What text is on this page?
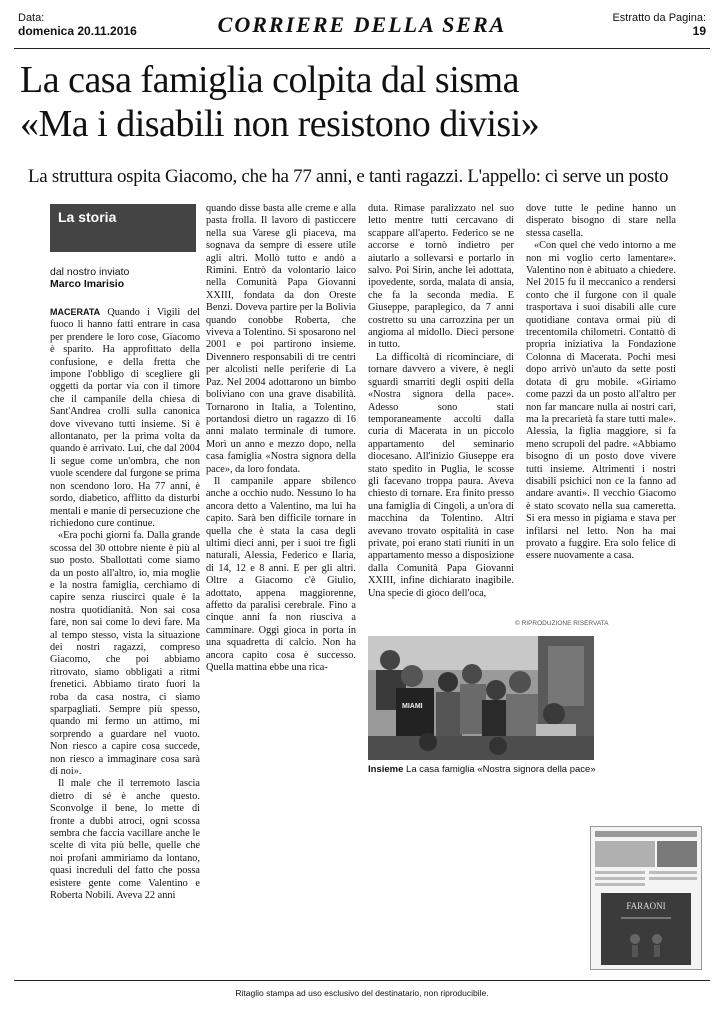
Data:
domenica 20.11.2016	CORRIERE DELLA SERA	Estratto da Pagina:
19
La casa famiglia colpita dal sisma
«Ma i disabili non resistono divisi»
La struttura ospita Giacomo, che ha 77 anni, e tanti ragazzi. L'appello: ci serve un posto
La storia
dal nostro inviato
Marco Imarisio

MACERATA Quando i Vigili del fuoco li hanno fatti entrare in casa per prendere le loro cose, Giacomo è sparito. Ha approfittato della confusione, e della fretta che impone l'obbligo di scegliere gli oggetti da portar via con il timore che il campanile della chiesa di Sant'Andrea crolli sulla canonica dove vivevano tutti insieme. Si è allontanato, per la prima volta da quando è arrivato. Lui, che dal 2004 li segue come un'ombra, che non vuole scendere dal furgone se prima non scendono loro. Ha 77 anni, è sordo, diabetico, afflitto da disturbi mentali e manie di persecuzione che richiedono cure continue.

«Era pochi giorni fa. Dalla grande scossa del 30 ottobre niente è più al suo posto. Sballottati come siamo da un posto all'altro, io, mia moglie e la nostra famiglia, cerchiamo di capire senza riuscirci quale è la nostra quotidianità. Non sai cosa fare, non sai come lo devi fare. Ma al tempo stesso, vista la situazione dei nostri ragazzi, compreso Giacomo, che poi abbiamo ritrovato, siamo obbligati a ritmi frenetici. Abbiamo tirato fuori la roba da casa nostra, ci siamo sparpagliati. Sempre più spesso, quando mi fermo un attimo, mi sorprendo a guardare nel vuoto. Non riesco a capire cosa succede, non riesco a immaginare cosa sarà di noi».

Il male che il terremoto lascia dietro di sé è anche questo. Sconvolge il bene, lo mette di fronte a dubbi atroci, ogni scossa sembra che faccia vacillare anche le scelte di vita più belle, quelle che noi profani ammiriamo da lontano, quasi increduli del fatto che possa esistere gente come Valentino e Roberta Nobili. Aveva 22 anni

quando disse basta alle creme e alla pasta frolla. Il lavoro di pasticcere nella sua Varese gli piaceva, ma sognava da sempre di essere utile agli altri. Mollò tutto e andò a Rimini. Entrò da volontario laico nella Comunità Papa Giovanni XXIII, fondata da don Oreste Benzi. Doveva partire per la Bolivia quando conobbe Roberta, che viveva a Tolentino. Si sposarono nel 2001 e poi partirono insieme. Divennero responsabili di tre centri per alcolisti nelle periferie di La Paz. Nel 2004 adottarono un bimbo boliviano con una grave disabilità. Tornarono in Italia, a Tolentino, portandosi dietro un ragazzo di 16 anni malato terminale di tumore. Morì un anno e mezzo dopo, nella casa famiglia «Nostra signora della pace», da loro fondata.

Il campanile appare sbilenco anche a occhio nudo. Nessuno lo ha ancora detto a Valentino, ma lui ha capito. Sarà ben difficile tornare in quella che è stata la casa degli ultimi dieci anni, per i suoi tre figli naturali, Alessia, Federico e Ilaria, di 14, 12 e 8 anni. E per gli altri. Oltre a Giacomo c'è Giulio, adottato, appena maggiorenne, affetto da paralisi cerebrale. Fino a cinque anni fa non riusciva a camminare. Oggi gioca in porta in una squadretta di calcio. Non ha ancora capito cosa è successo. Quella mattina ebbe una rica-

duta. Rimase paralizzato nel suo letto mentre tutti cercavano di scappare all'aperto. Federico se ne accorse e tornò indietro per aiutarlo a sollevarsi e portarlo in salvo. Poi Sirin, anche lei adottata, ipovedente, sorda, malata di ansia, che fa la seconda media. E Giuseppe, paraplegico, da 7 anni costretto su una carrozzina per un angioma al midollo. Dieci persone in tutto.

La difficoltà di ricominciare, di tornare davvero a vivere, è negli sguardi smarriti degli ospiti della «Nostra signora della pace». Adesso sono stati temporaneamente accolti dalla curia di Macerata in un piccolo appartamento del seminario diocesano. All'inizio Giuseppe era stato spedito in Puglia, le scosse gli facevano troppa paura. Aveva chiesto di tornare. Era finito presso una famiglia di Cingoli, a un'ora di macchina da Tolentino. Altri avevano trovato ospitalità in case private, poi erano stati riuniti in un appartamento messo a disposizione dalla Comunità Papa Giovanni XXIII, infine dichiarato inagibile. Una specie di gioco dell'oca,

dove tutte le pedine hanno un disperato bisogno di stare nella stessa casella.

«Con quel che vedo intorno a me non mi voglio certo lamentare». Valentino non è abituato a chiedere. Nel 2015 fu il meccanico a rendersi conto che il furgone con il quale trasportava i suoi disabili alle cure quotidiane contava ormai più di trecentomila chilometri. Contattò di propria iniziativa la Fondazione Colonna di Macerata. Pochi mesi dopo arrivò un'auto da sette posti dotata di gru mobile. «Giriamo come pazzi da un posto all'altro per non far mancare nulla ai nostri cari, ma la precarietà fa stare tutti male». Alessia, la figlia maggiore, si fa meno scrupoli del padre. «Abbiamo bisogno di un posto dove vivere tutti insieme. Altrimenti i nostri disabili psichici non ce la fanno ad andare avanti». Il vecchio Giacomo è stato scovato nella sua cameretta. Si era messo in pigiama e stava per infilarsi nel letto. Non ha mai provato a fuggire. Era solo felice di essere nuovamente a casa.

© RIPRODUZIONE RISERVATA
MIAMI
Insieme La casa famiglia «Nostra signora della pace»
FARAONI
Ritaglio stampa ad uso esclusivo del destinatario, non riproducibile.
